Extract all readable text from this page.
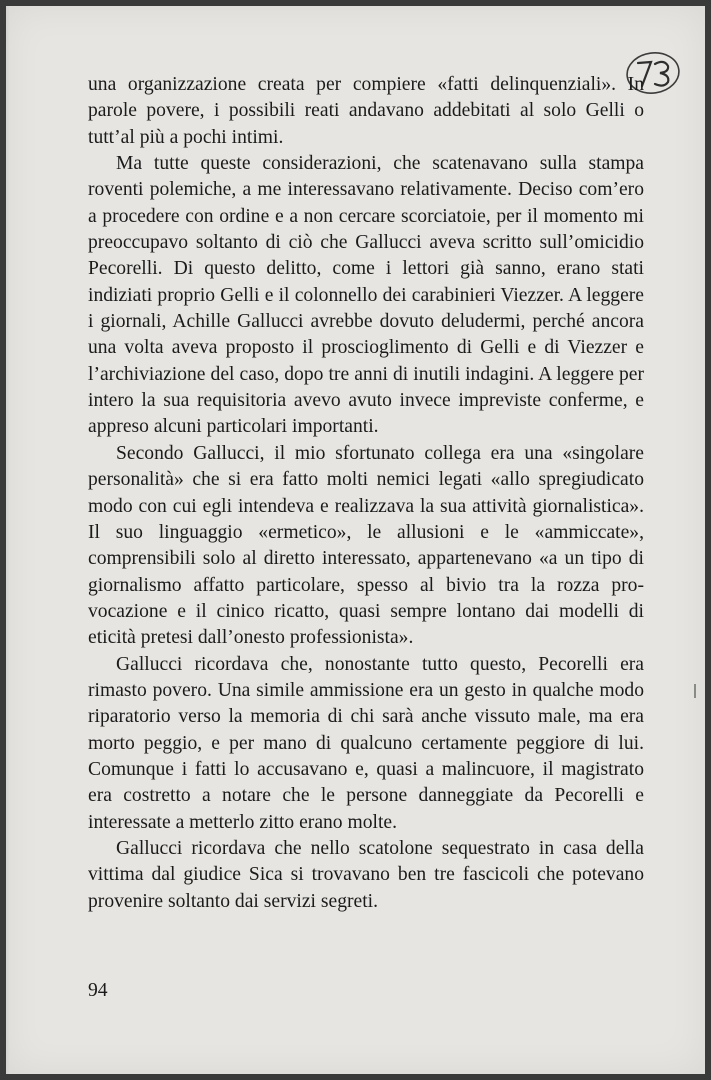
una organizzazione creata per compiere «fatti delinquenziali». In parole povere, i possibili reati andavano addebitati al solo Gelli o tutt’al più a pochi intimi.

Ma tutte queste considerazioni, che scatenavano sulla stampa roventi polemiche, a me interessavano relativamente. Deciso com’ero a procedere con ordine e a non cercare scorciatoie, per il momento mi preoccupavo soltanto di ciò che Gallucci aveva scritto sull’omicidio Pecorelli. Di questo delitto, come i lettori già sanno, erano stati indiziati proprio Gelli e il colonnello dei carabinieri Viezzer. A leggere i giornali, Achille Gallucci avrebbe dovuto deludermi, perché ancora una volta aveva proposto il proscioglimento di Gelli e di Viezzer e l’archiviazione del caso, dopo tre anni di inutili indagini. A leggere per intero la sua requisitoria avevo avuto invece impreviste conferme, e appreso alcuni particolari importanti.

Secondo Gallucci, il mio sfortunato collega era una «singolare personalità» che si era fatto molti nemici legati «allo spregiudicato modo con cui egli intendeva e realizzava la sua attività giornalistica». Il suo linguaggio «ermetico», le allusioni e le «ammiccate», comprensibili solo al diretto interessato, appartenevano «a un tipo di giornalismo affatto particolare, spesso al bivio tra la rozza provocazione e il cinico ricatto, quasi sempre lontano dai modelli di eticità pretesi dall’onesto professionista».

Gallucci ricordava che, nonostante tutto questo, Pecorelli era rimasto povero. Una simile ammissione era un gesto in qualche modo riparatorio verso la memoria di chi sarà anche vissuto male, ma era morto peggio, e per mano di qualcuno certamente peggiore di lui. Comunque i fatti lo accusavano e, quasi a malincuore, il magistrato era costretto a notare che le persone danneggiate da Pecorelli e interessate a metterlo zitto erano molte.

Gallucci ricordava che nello scatolone sequestrato in casa della vittima dal giudice Sica si trovavano ben tre fascicoli che potevano provenire soltanto dai servizi segreti.

94
